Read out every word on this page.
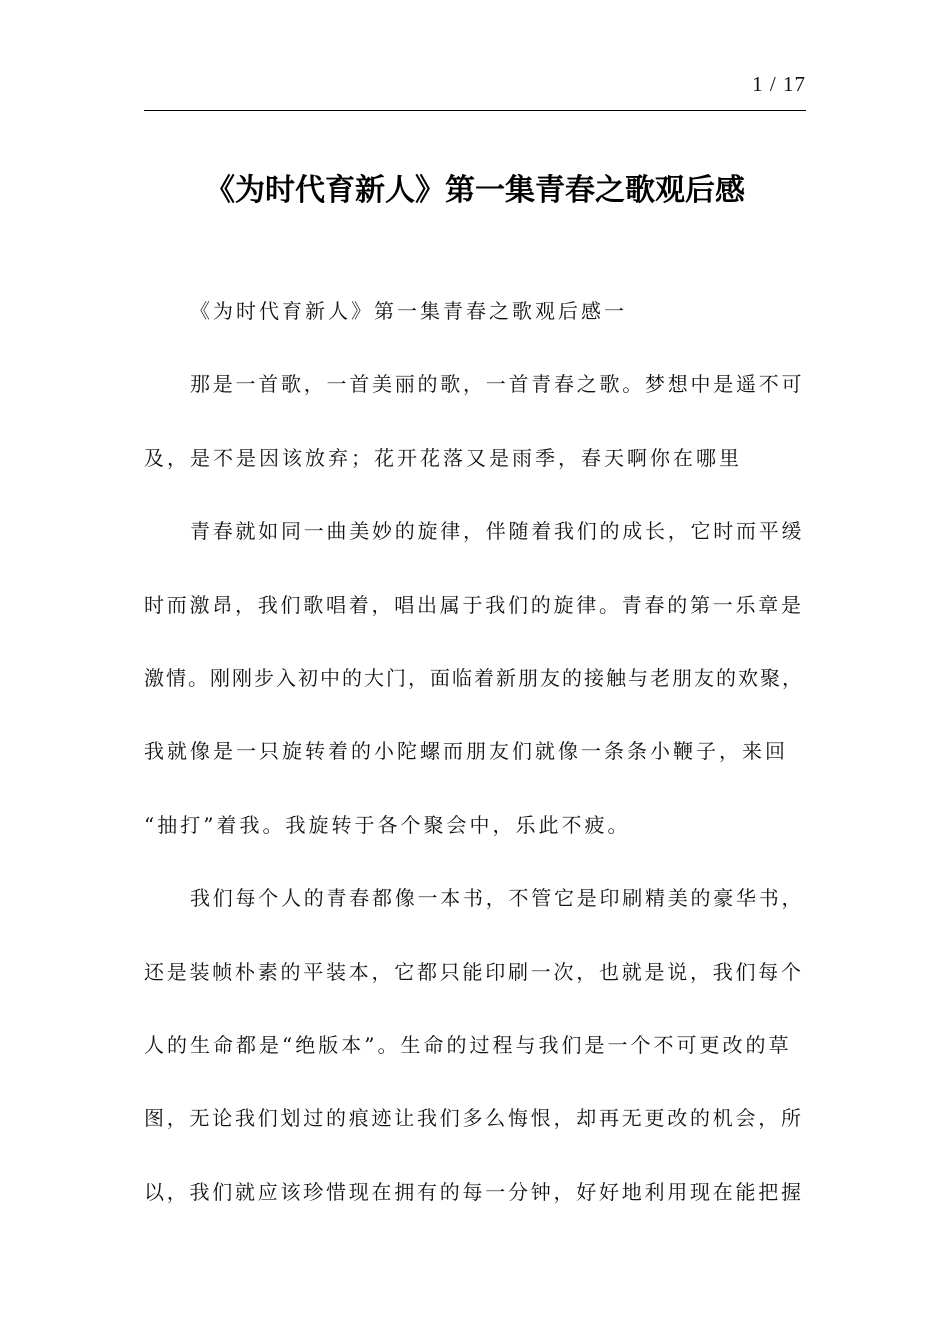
1 / 17
《为时代育新人》第一集青春之歌观后感
《为时代育新人》第一集青春之歌观后感一
那是一首歌，一首美丽的歌，一首青春之歌。梦想中是遥不可
及，是不是因该放弃；花开花落又是雨季，春天啊你在哪里
青春就如同一曲美妙的旋律，伴随着我们的成长，它时而平缓
时而激昂，我们歌唱着，唱出属于我们的旋律。青春的第一乐章是
激情。刚刚步入初中的大门，面临着新朋友的接触与老朋友的欢聚，
我就像是一只旋转着的小陀螺而朋友们就像一条条小鞭子，来回
“抽打”着我。我旋转于各个聚会中，乐此不疲。
我们每个人的青春都像一本书，不管它是印刷精美的豪华书，
还是装帧朴素的平装本，它都只能印刷一次，也就是说，我们每个
人的生命都是“绝版本”。生命的过程与我们是一个不可更改的草
图，无论我们划过的痕迹让我们多么悔恨，却再无更改的机会，所
以，我们就应该珍惜现在拥有的每一分钟，好好地利用现在能把握
